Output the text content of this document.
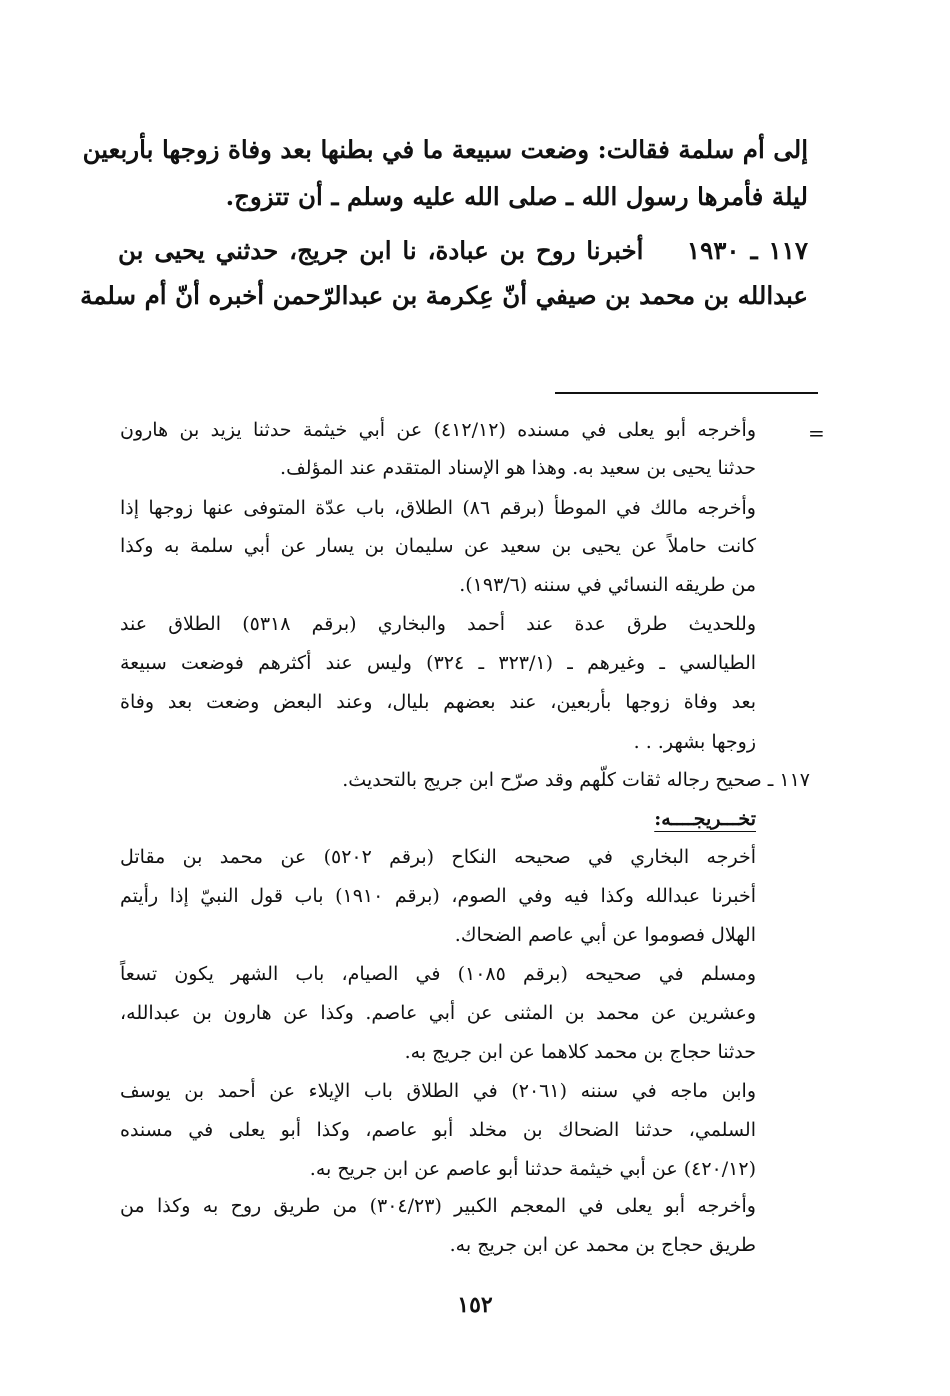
إلى أم سلمة فقالت: وضعت سبيعة ما في بطنها بعد وفاة زوجها بأربعين
ليلة فأمرها رسول الله ـ صلى الله عليه وسلم ـ أن تتزوج.
١١٧ ـ ١٩٣٠    أخبرنا روح بن عبادة، نا ابن جريج، حدثني يحيى بن
عبدالله بن محمد بن صيفي أنّ عِكرمة بن عبدالرّحمن أخبره أنّ أم سلمة
=
وأخرجه أبو يعلى في مسنده (٤١٢/١٢) عن أبي خيثمة حدثنا يزيد بن هارون
حدثنا يحيى بن سعيد به. وهذا هو الإسناد المتقدم عند المؤلف.
وأخرجه مالك في الموطأ (برقم ٨٦) الطلاق، باب عدّة المتوفى عنها زوجها إذا
كانت حاملاً عن يحيى بن سعيد عن سليمان بن يسار عن أبي سلمة به وكذا
من طريقه النسائي في سننه (١٩٣/٦).
وللحديث طرق عدة عند أحمد والبخاري (برقم ٥٣١٨) الطلاق عند
الطيالسي ـ وغيرهم ـ (٣٢٣/١ ـ ٣٢٤) وليس عند أكثرهم فوضعت سبيعة
بعد وفاة زوجها بأربعين، عند بعضهم بليال، وعند البعض وضعت بعد وفاة
زوجها بشهر. . .
١١٧ ـ صحيح رجاله ثقات كلّهم وقد صرّح ابن جريج بالتحديث.
تخـــريجــــه:
أخرجه البخاري في صحيحه النكاح (برقم ٥٢٠٢) عن محمد بن مقاتل
أخبرنا عبدالله وكذا فيه وفي الصوم، (برقم ١٩١٠) باب قول النبيّ إذا رأيتم
الهلال فصوموا عن أبي عاصم الضحاك.
ومسلم في صحيحه (برقم ١٠٨٥) في الصيام، باب الشهر يكون تسعاً
وعشرين عن محمد بن المثنى عن أبي عاصم. وكذا عن هارون بن عبدالله،
حدثنا حجاج بن محمد كلاهما عن ابن جريج به.
وابن ماجه في سننه (٢٠٦١) في الطلاق باب الإيلاء عن أحمد بن يوسف
السلمي، حدثنا الضحاك بن مخلد أبو عاصم، وكذا أبو يعلى في مسنده
(٤٢٠/١٢) عن أبي خيثمة حدثنا أبو عاصم عن ابن جريح به.
وأخرجه أبو يعلى في المعجم الكبير (٣٠٤/٢٣) من طريق روح به وكذا من
طريق حجاج بن محمد عن ابن جريج به.
١٥٢
